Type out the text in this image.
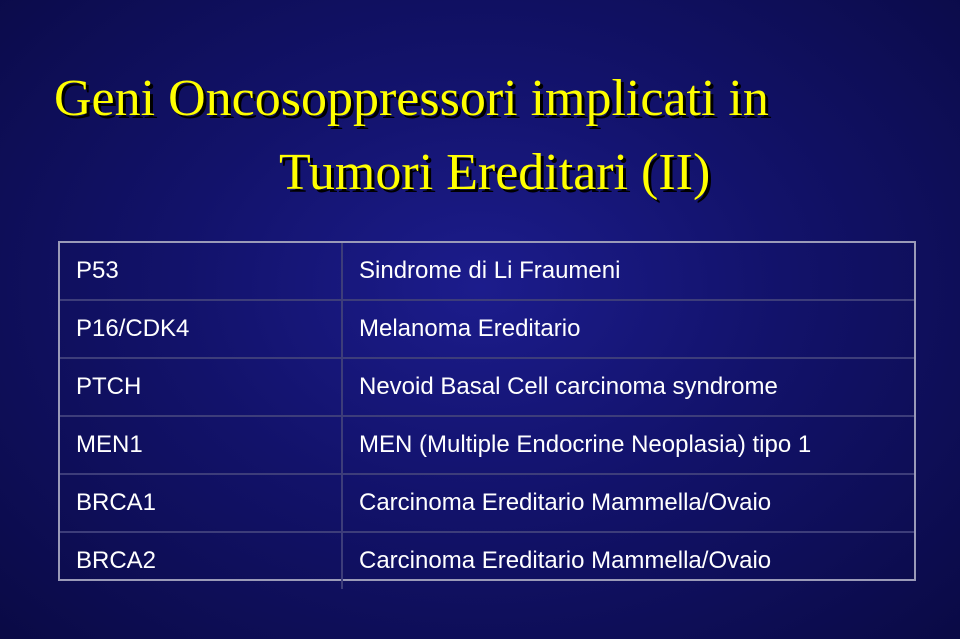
Geni Oncosoppressori implicati in
Tumori Ereditari (II)
P53	Sindrome di Li Fraumeni
P16/CDK4	Melanoma Ereditario
PTCH	Nevoid Basal Cell carcinoma syndrome
MEN1	MEN (Multiple Endocrine Neoplasia) tipo 1
BRCA1	Carcinoma Ereditario Mammella/Ovaio
BRCA2	Carcinoma Ereditario Mammella/Ovaio
